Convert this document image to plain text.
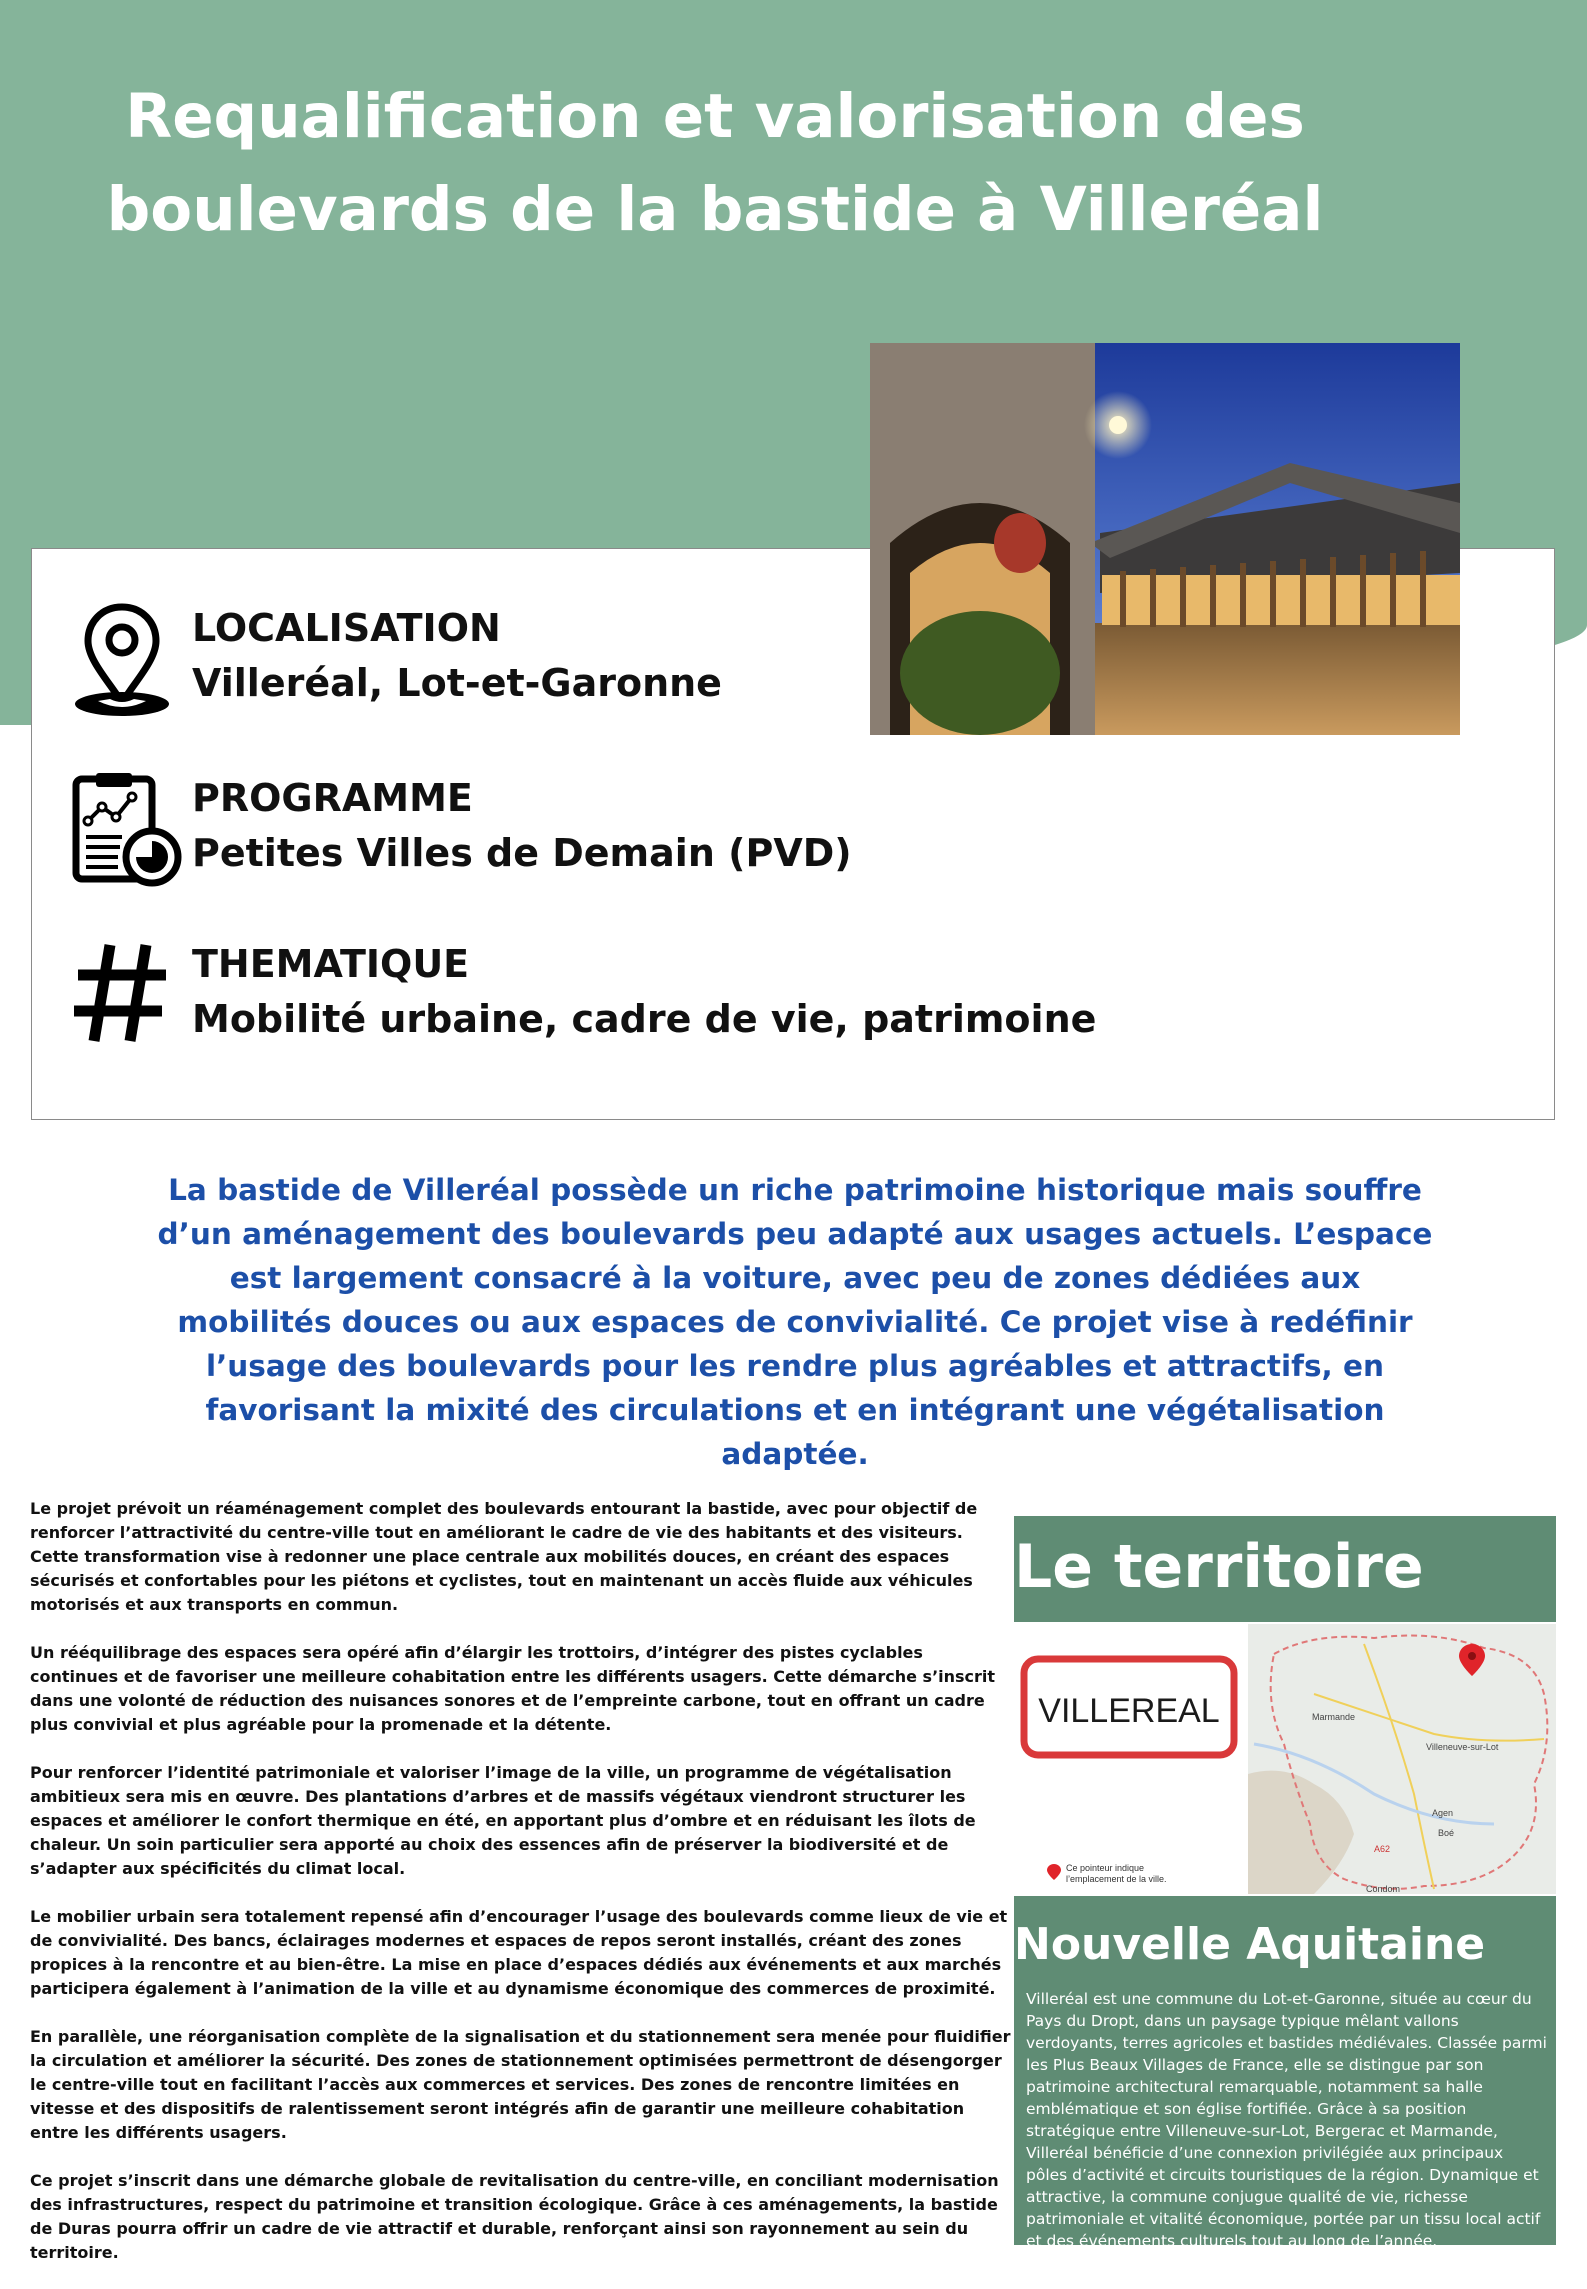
Requalification et valorisation des boulevards de la bastide à Villeréal
LOCALISATION
Villeréal, Lot-et-Garonne
PROGRAMME
Petites Villes de Demain (PVD)
THEMATIQUE
Mobilité urbaine, cadre de vie, patrimoine

La bastide de Villeréal possède un riche patrimoine historique mais souffre d’un aménagement des boulevards peu adapté aux usages actuels. L’espace est largement consacré à la voiture, avec peu de zones dédiées aux mobilités douces ou aux espaces de convivialité. Ce projet vise à redéfinir l’usage des boulevards pour les rendre plus agréables et attractifs, en favorisant la mixité des circulations et en intégrant une végétalisation adaptée.

Le projet prévoit un réaménagement complet des boulevards entourant la bastide, avec pour objectif de renforcer l’attractivité du centre-ville tout en améliorant le cadre de vie des habitants et des visiteurs. Cette transformation vise à redonner une place centrale aux mobilités douces, en créant des espaces sécurisés et confortables pour les piétons et cyclistes, tout en maintenant un accès fluide aux véhicules motorisés et aux transports en commun.

Un rééquilibrage des espaces sera opéré afin d’élargir les trottoirs, d’intégrer des pistes cyclables continues et de favoriser une meilleure cohabitation entre les différents usagers. Cette démarche s’inscrit dans une volonté de réduction des nuisances sonores et de l’empreinte carbone, tout en offrant un cadre plus convivial et plus agréable pour la promenade et la détente.

Pour renforcer l’identité patrimoniale et valoriser l’image de la ville, un programme de végétalisation ambitieux sera mis en œuvre. Des plantations d’arbres et de massifs végétaux viendront structurer les espaces et améliorer le confort thermique en été, en apportant plus d’ombre et en réduisant les îlots de chaleur. Un soin particulier sera apporté au choix des essences afin de préserver la biodiversité et de s’adapter aux spécificités du climat local.

Le mobilier urbain sera totalement repensé afin d’encourager l’usage des boulevards comme lieux de vie et de convivialité. Des bancs, éclairages modernes et espaces de repos seront installés, créant des zones propices à la rencontre et au bien-être. La mise en place d’espaces dédiés aux événements et aux marchés participera également à l’animation de la ville et au dynamisme économique des commerces de proximité.

En parallèle, une réorganisation complète de la signalisation et du stationnement sera menée pour fluidifier la circulation et améliorer la sécurité. Des zones de stationnement optimisées permettront de désengorger le centre-ville tout en facilitant l’accès aux commerces et services. Des zones de rencontre limitées en vitesse et des dispositifs de ralentissement seront intégrés afin de garantir une meilleure cohabitation entre les différents usagers.

Ce projet s’inscrit dans une démarche globale de revitalisation du centre-ville, en conciliant modernisation des infrastructures, respect du patrimoine et transition écologique. Grâce à ces aménagements, la bastide de Duras pourra offrir un cadre de vie attractif et durable, renforçant ainsi son rayonnement au sein du territoire.

Le territoire
VILLEREAL	Marmande
Villeneuve-sur-Lot
Agen
Boé
A62
Condom
Ce pointeur indique
l’emplacement de la ville.
Nouvelle Aquitaine

Villeréal est une commune du Lot-et-Garonne, située au cœur du Pays du Dropt, dans un paysage typique mêlant vallons verdoyants, terres agricoles et bastides médiévales. Classée parmi les Plus Beaux Villages de France, elle se distingue par son patrimoine architectural remarquable, notamment sa halle emblématique et son église fortifiée. Grâce à sa position stratégique entre Villeneuve-sur-Lot, Bergerac et Marmande, Villeréal bénéficie d’une connexion privilégiée aux principaux pôles d’activité et circuits touristiques de la région. Dynamique et attractive, la commune conjugue qualité de vie, richesse patrimoniale et vitalité économique, portée par un tissu local actif et des événements culturels tout au long de l’année.
